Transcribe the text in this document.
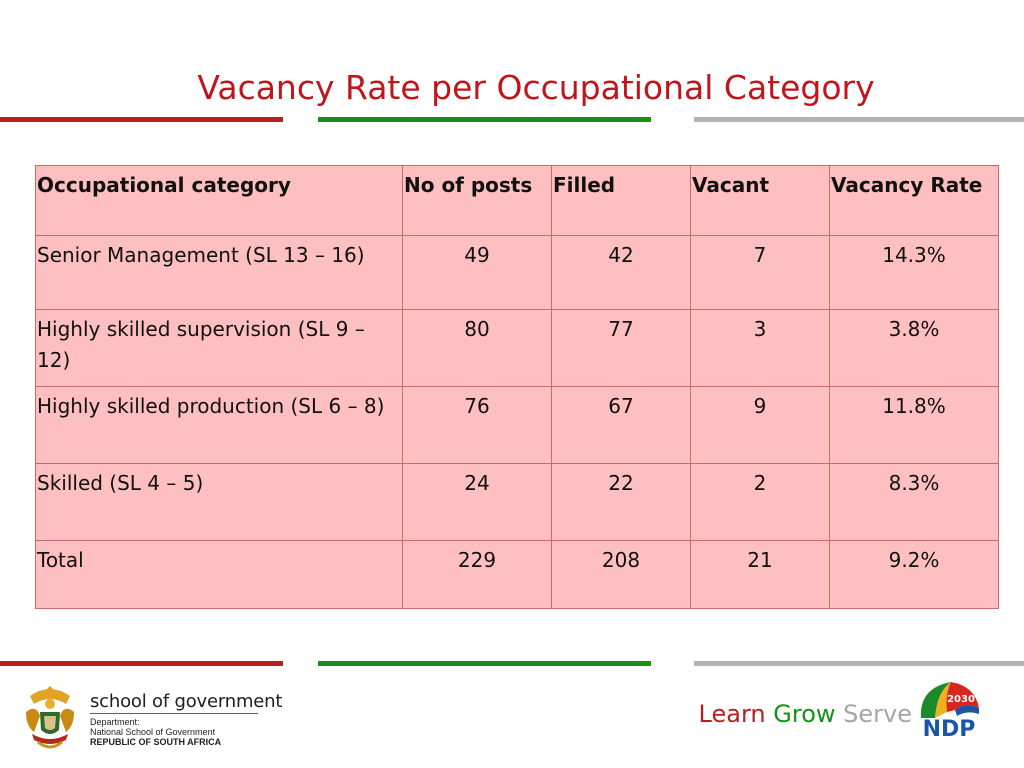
Vacancy Rate per Occupational Category
Occupational category	No of posts	Filled	Vacant	Vacancy Rate
Senior Management (SL 13 – 16)	49	42	7	14.3%
Highly skilled supervision (SL 9 – 12)	80	77	3	3.8%
Highly skilled production (SL 6 – 8)	76	67	9	11.8%
Skilled (SL 4 – 5)	24	22	2	8.3%
Total	229	208	21	9.2%
school of government
Department:
National School of Government
REPUBLIC OF SOUTH AFRICA
Learn Grow Serve
2030
NDP
